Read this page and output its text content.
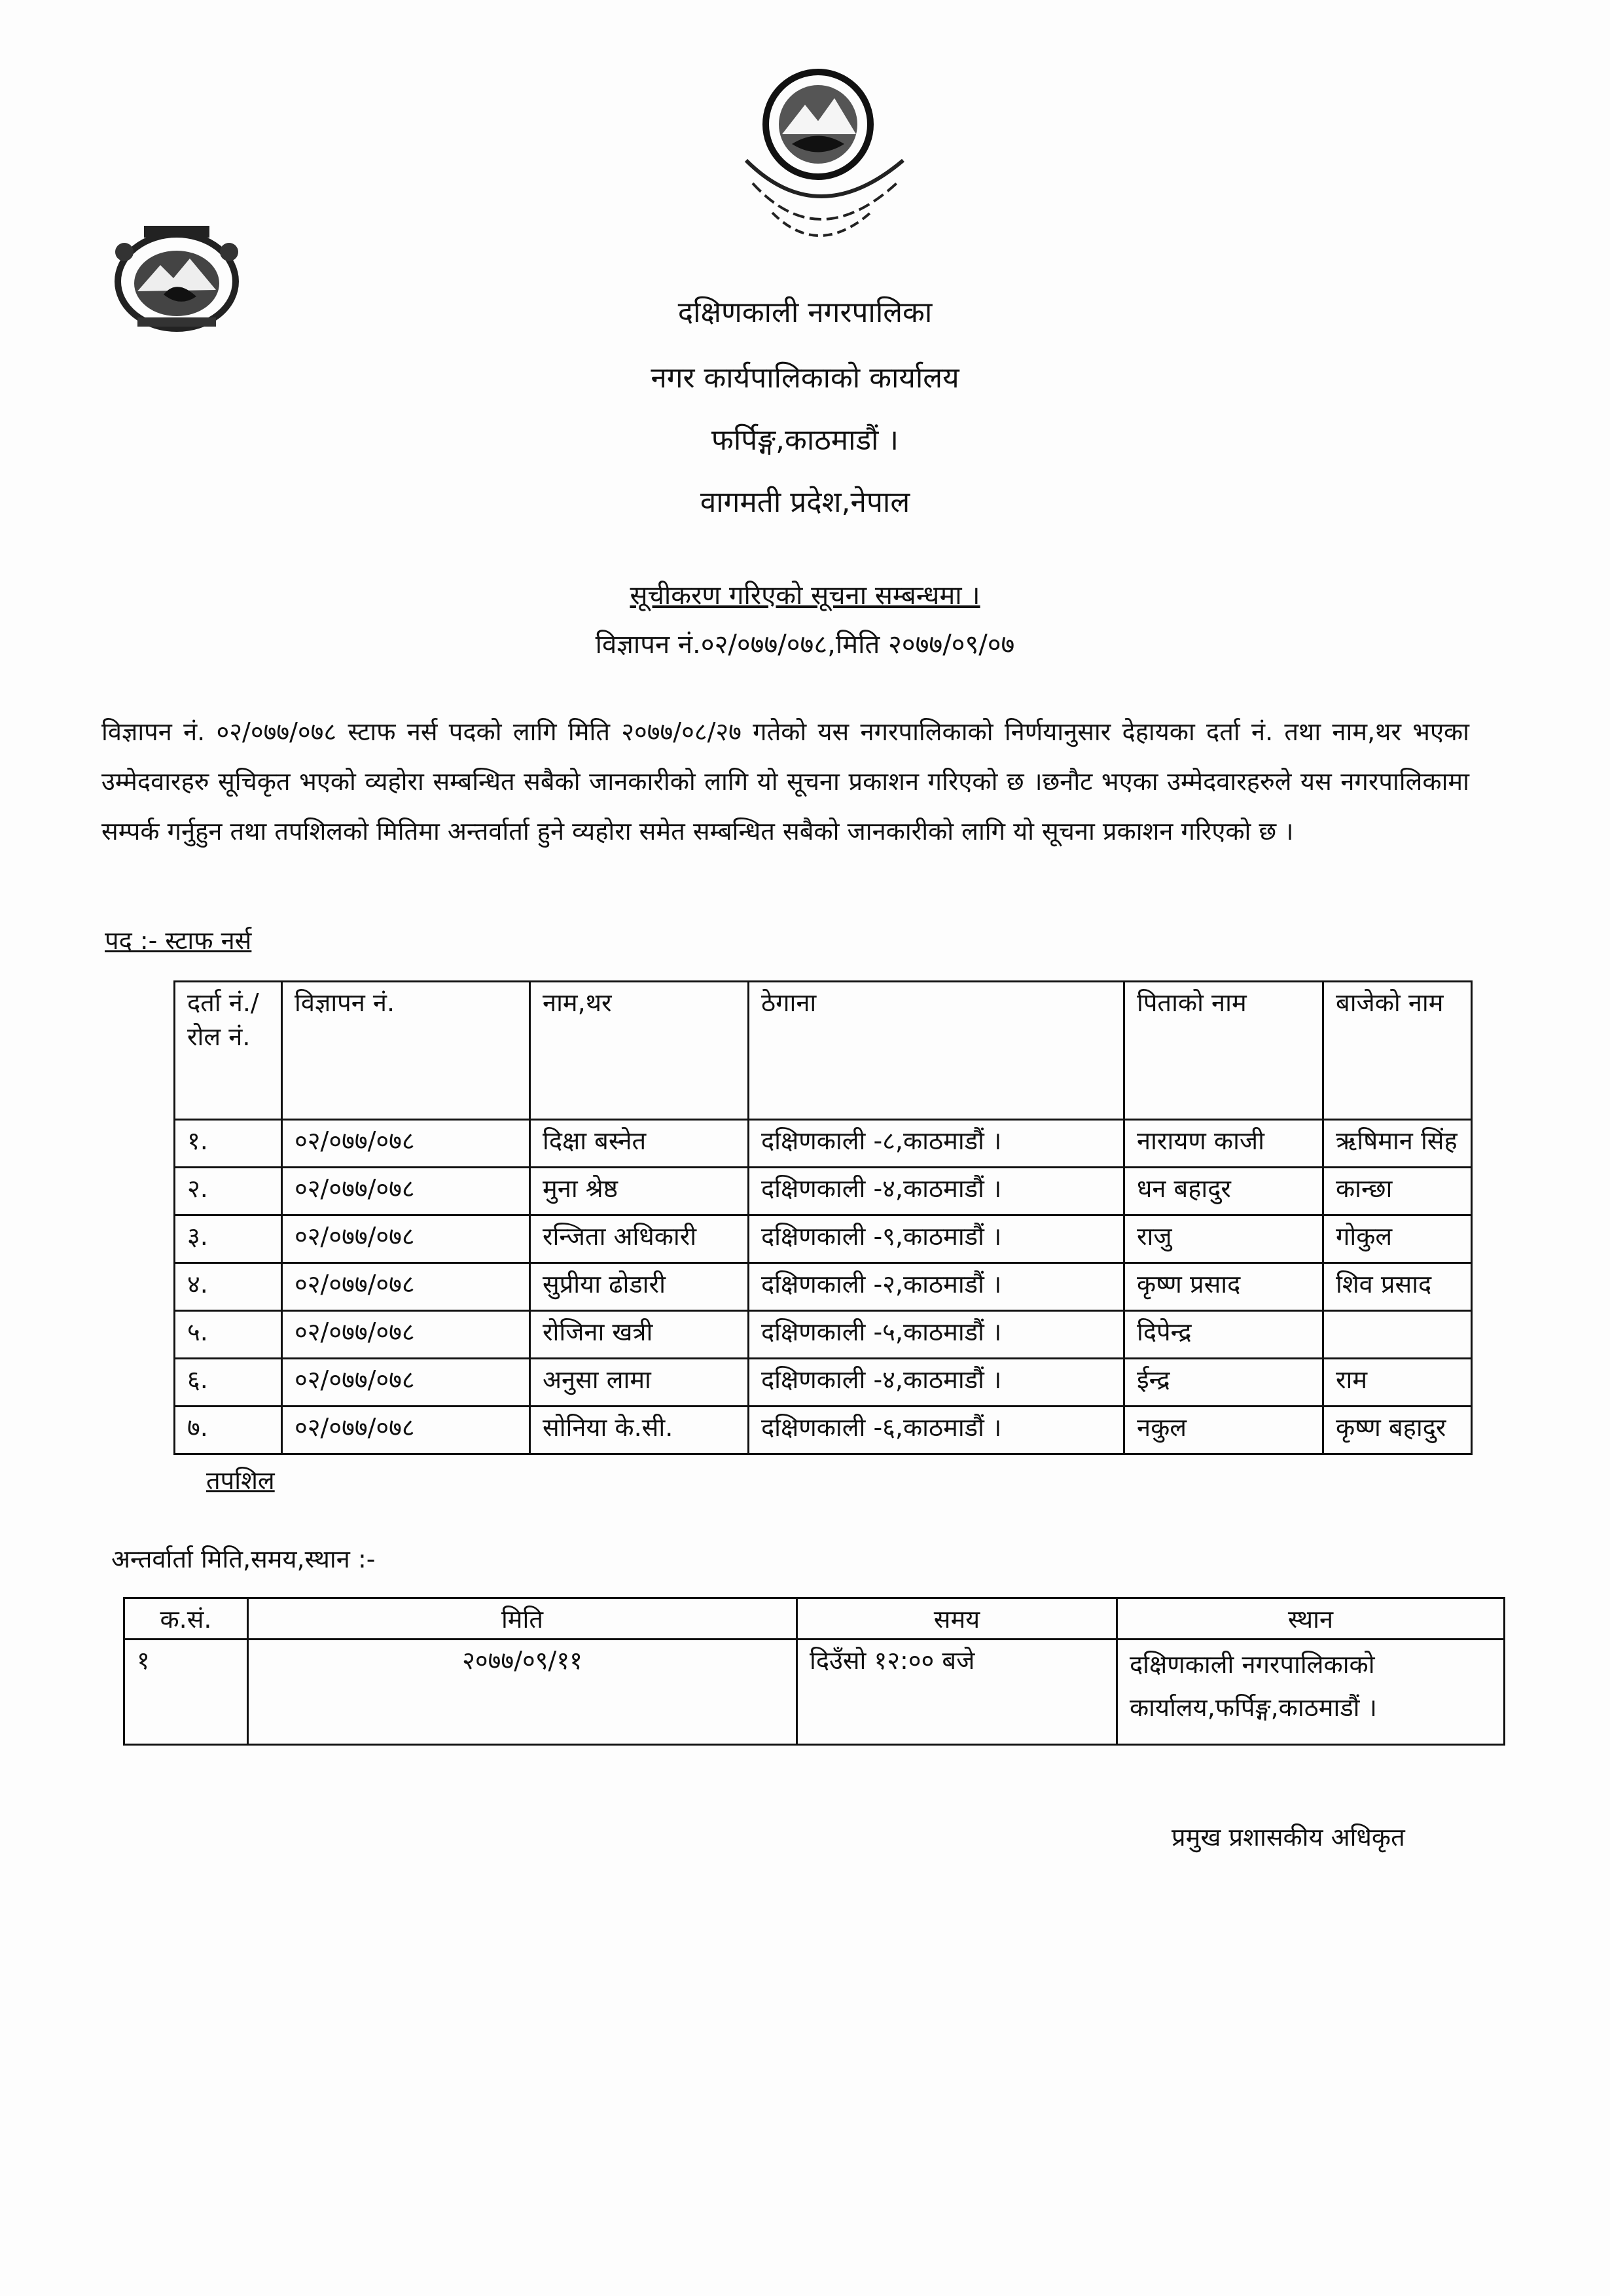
दक्षिणकाली नगरपालिका
नगर कार्यपालिकाको कार्यालय
फर्पिङ्ग,काठमाडौं ।
वागमती प्रदेश,नेपाल
सूचीकरण गरिएको सूचना सम्बन्धमा ।
विज्ञापन नं.०२/०७७/०७८,मिति २०७७/०९/०७
विज्ञापन नं. ०२/०७७/०७८ स्टाफ नर्स पदको लागि मिति २०७७/०८/२७ गतेको यस नगरपालिकाको निर्णयानुसार देहायका दर्ता नं. तथा नाम,थर भएका उम्मेदवारहरु सूचिकृत भएको व्यहोरा सम्बन्धित सबैको जानकारीको लागि यो सूचना प्रकाशन गरिएको छ ।छनौट भएका उम्मेदवारहरुले यस नगरपालिकामा सम्पर्क गर्नुहुन तथा तपशिलको मितिमा अन्तर्वार्ता हुने व्यहोरा समेत सम्बन्धित सबैको जानकारीको लागि यो सूचना प्रकाशन गरिएको छ ।
पद :- स्टाफ नर्स
दर्ता नं./रोल नं.	विज्ञापन नं.	नाम,थर	ठेगाना	पिताको नाम	बाजेको नाम
१.	०२/०७७/०७८	दिक्षा बस्नेत	दक्षिणकाली -८,काठमाडौं ।	नारायण काजी	ऋषिमान सिंह
२.	०२/०७७/०७८	मुना श्रेष्ठ	दक्षिणकाली -४,काठमाडौं ।	धन बहादुर	कान्छा
३.	०२/०७७/०७८	रन्जिता अधिकारी	दक्षिणकाली -९,काठमाडौं ।	राजु	गोकुल
४.	०२/०७७/०७८	सुप्रीया ढोडारी	दक्षिणकाली -२,काठमाडौं ।	कृष्ण प्रसाद	शिव प्रसाद
५.	०२/०७७/०७८	रोजिना खत्री	दक्षिणकाली -५,काठमाडौं ।	दिपेन्द्र	
६.	०२/०७७/०७८	अनुसा लामा	दक्षिणकाली -४,काठमाडौं ।	ईन्द्र	राम
७.	०२/०७७/०७८	सोनिया के.सी.	दक्षिणकाली -६,काठमाडौं ।	नकुल	कृष्ण बहादुर
तपशिल
अन्तर्वार्ता मिति,समय,स्थान :-
क.सं.	मिति	समय	स्थान
१	२०७७/०९/११	दिउँसो १२:०० बजे	दक्षिणकाली नगरपालिकाको कार्यालय,फर्पिङ्ग,काठमाडौं ।
प्रमुख प्रशासकीय अधिकृत
